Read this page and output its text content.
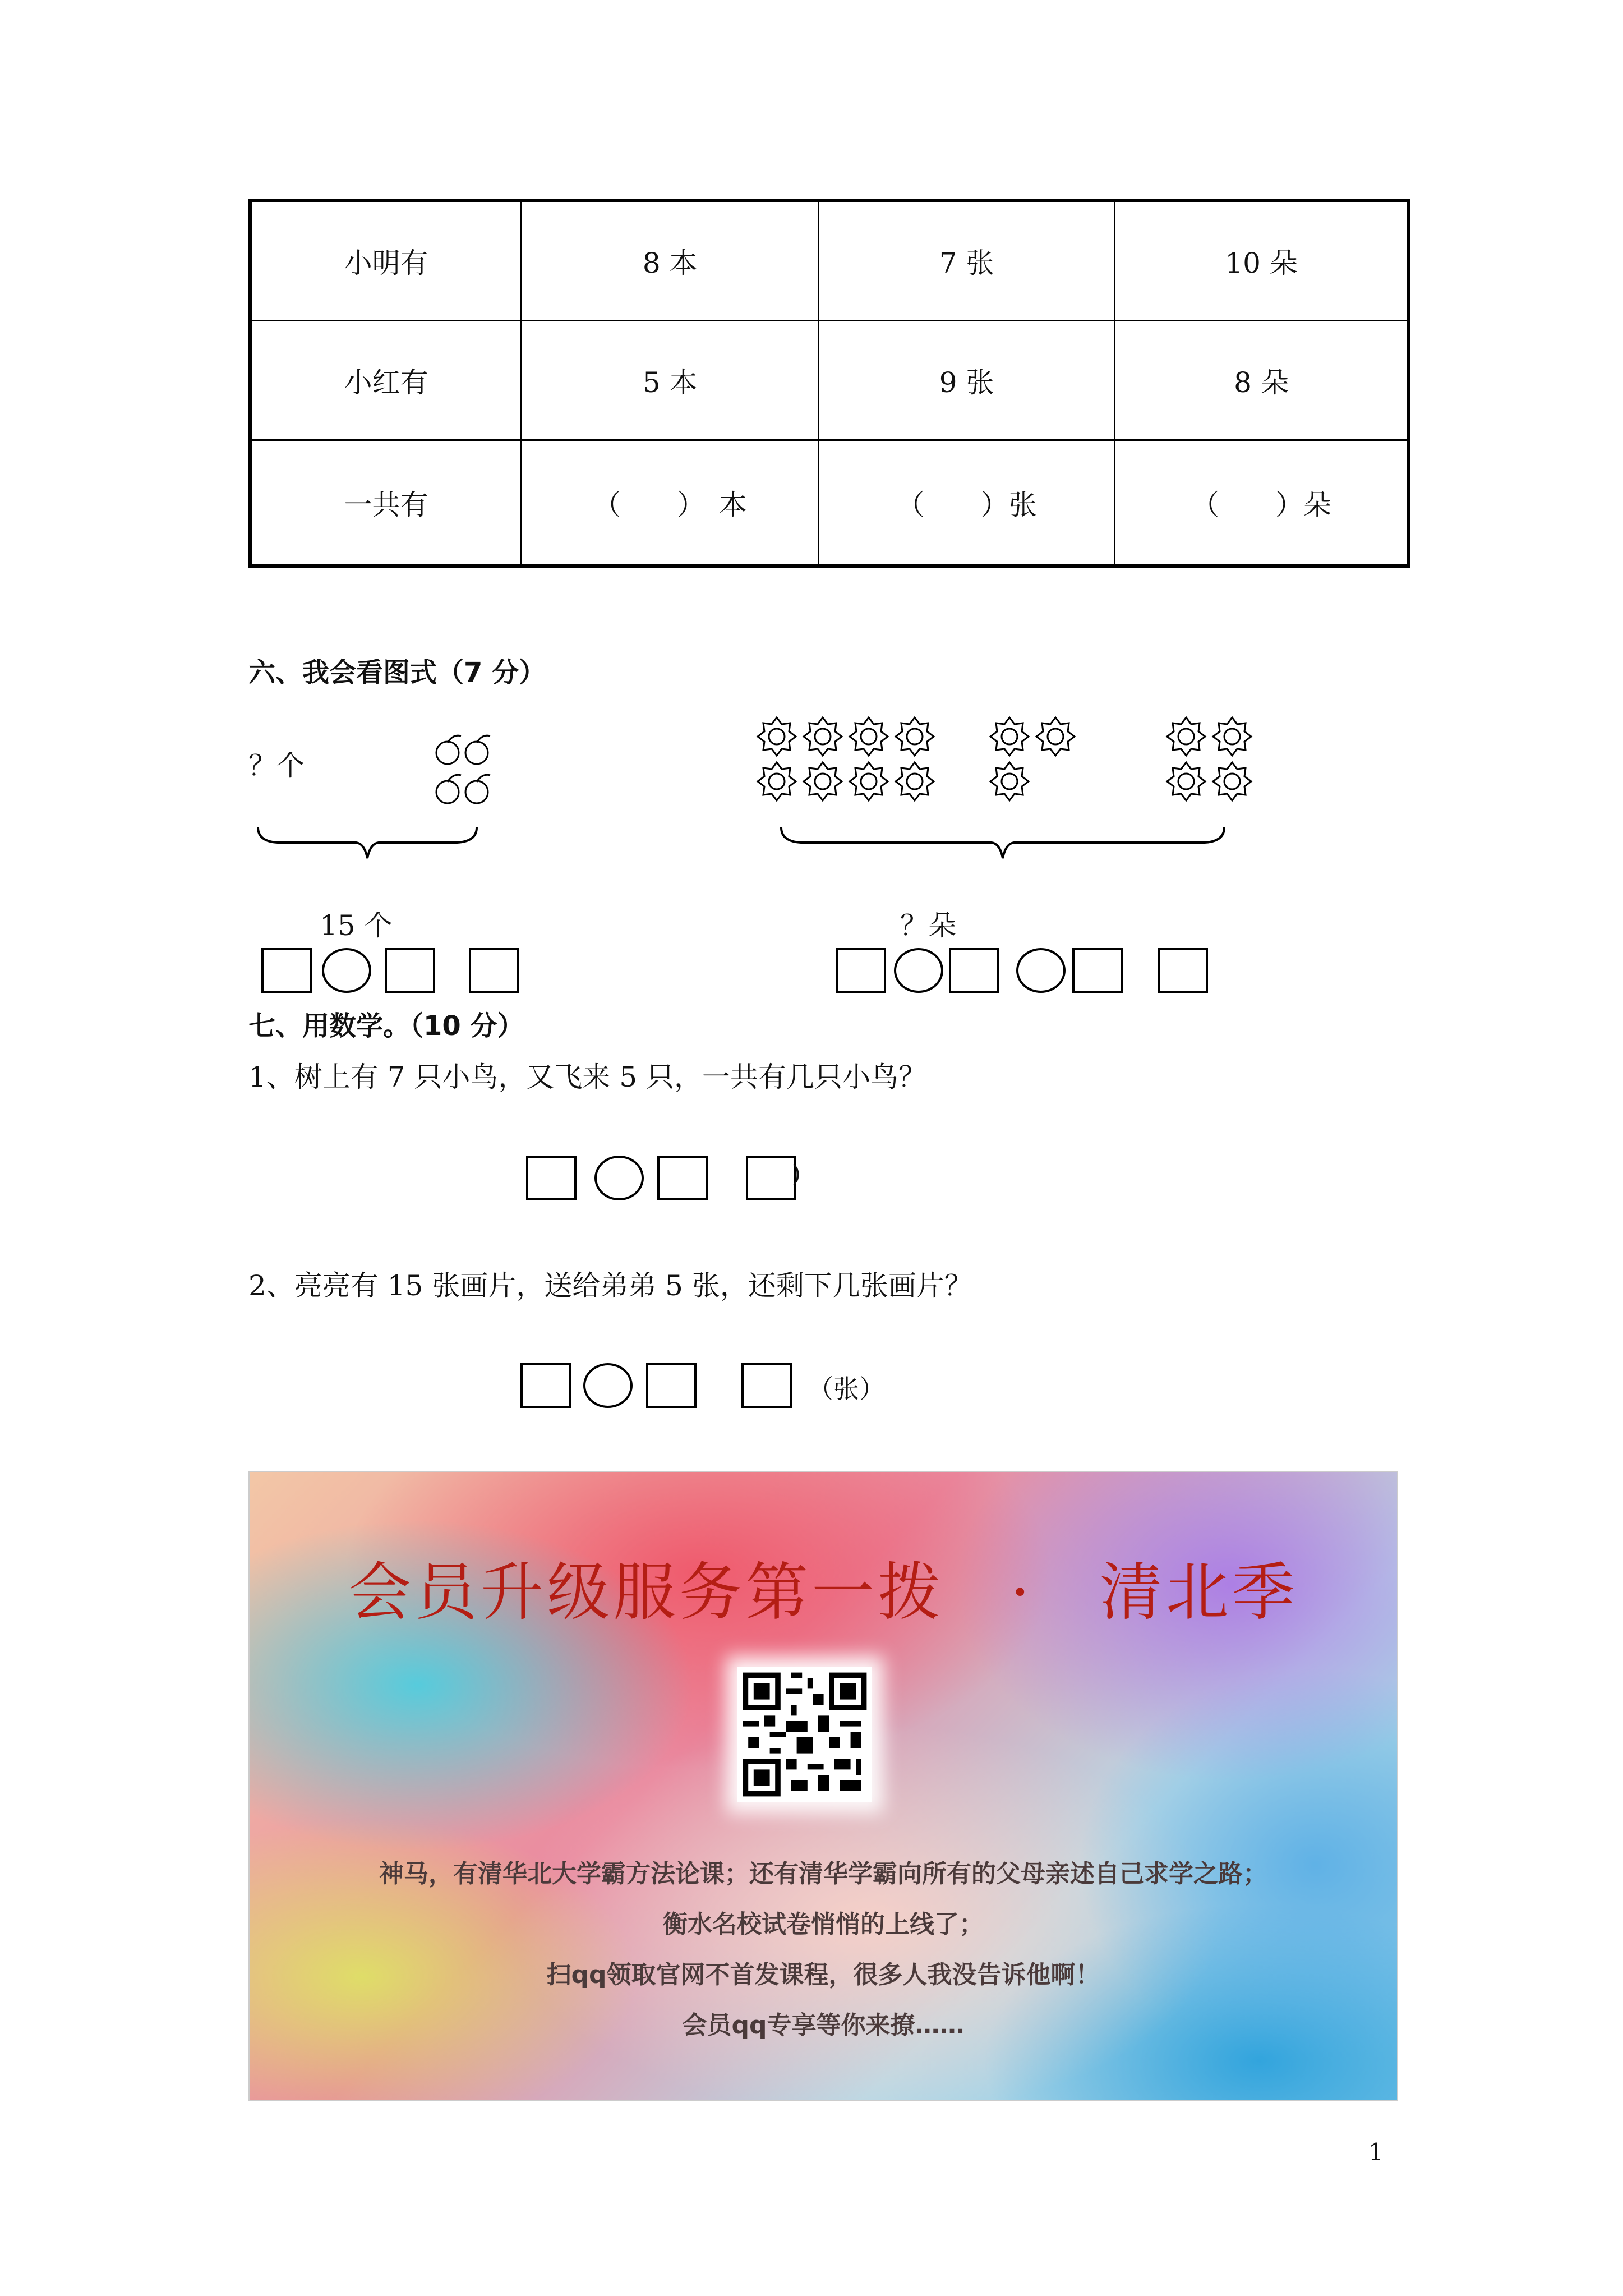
小明有	8 本	7 张	10 朵
小红有	5 本	9 张	8 朵
一共有	（　　）　本	（　　）张	（　　）朵
六、我会看图式（7 分）
？个
15 个	？朵
七、用数学。（10 分）
1、树上有 7 只小鸟，又飞来 5 只，一共有几只小鸟？
)
2、亮亮有 15 张画片，送给弟弟 5 张，还剩下几张画片？
（张）
会员升级服务第一拨　·　清北季
神马，有清华北大学霸方法论课；还有清华学霸向所有的父母亲述自己求学之路；
衡水名校试卷悄悄的上线了；
扫qq领取官网不首发课程，很多人我没告诉他啊！
会员qq专享等你来撩……
1
